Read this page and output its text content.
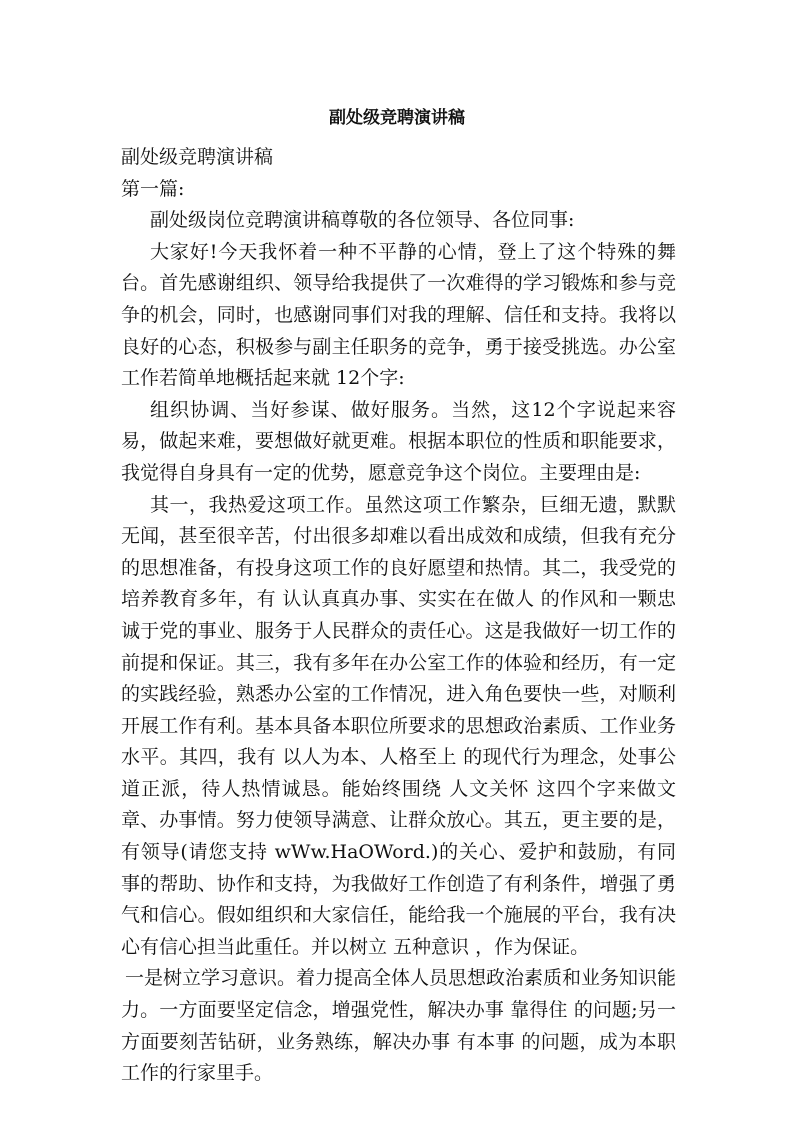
副处级竞聘演讲稿

副处级竞聘演讲稿

第一篇:

副处级岗位竞聘演讲稿尊敬的各位领导、各位同事:

大家好!今天我怀着一种不平静的心情，登上了这个特殊的舞台。首先感谢组织、领导给我提供了一次难得的学习锻炼和参与竞争的机会，同时，也感谢同事们对我的理解、信任和支持。我将以良好的心态，积极参与副主任职务的竞争，勇于接受挑选。办公室工作若简单地概括起来就 12个字:

组织协调、当好参谋、做好服务。当然，这12个字说起来容易，做起来难，要想做好就更难。根据本职位的性质和职能要求，我觉得自身具有一定的优势，愿意竞争这个岗位。主要理由是:

其一，我热爱这项工作。虽然这项工作繁杂，巨细无遗，默默无闻，甚至很辛苦，付出很多却难以看出成效和成绩，但我有充分的思想准备，有投身这项工作的良好愿望和热情。其二，我受党的培养教育多年，有 认认真真办事、实实在在做人 的作风和一颗忠诚于党的事业、服务于人民群众的责任心。这是我做好一切工作的前提和保证。其三，我有多年在办公室工作的体验和经历，有一定的实践经验，熟悉办公室的工作情况，进入角色要快一些，对顺利开展工作有利。基本具备本职位所要求的思想政治素质、工作业务水平。其四，我有 以人为本、人格至上 的现代行为理念，处事公道正派，待人热情诚恳。能始终围绕 人文关怀 这四个字来做文章、办事情。努力使领导满意、让群众放心。其五，更主要的是，有领导(请您支持 wWw.HaOWord.)的关心、爱护和鼓励，有同事的帮助、协作和支持，为我做好工作创造了有利条件，增强了勇气和信心。假如组织和大家信任，能给我一个施展的平台，我有决心有信心担当此重任。并以树立 五种意识 ，作为保证。

一是树立学习意识。着力提高全体人员思想政治素质和业务知识能力。一方面要坚定信念，增强党性，解决办事 靠得住 的问题;另一方面要刻苦钻研，业务熟练，解决办事 有本事 的问题，成为本职工作的行家里手。
